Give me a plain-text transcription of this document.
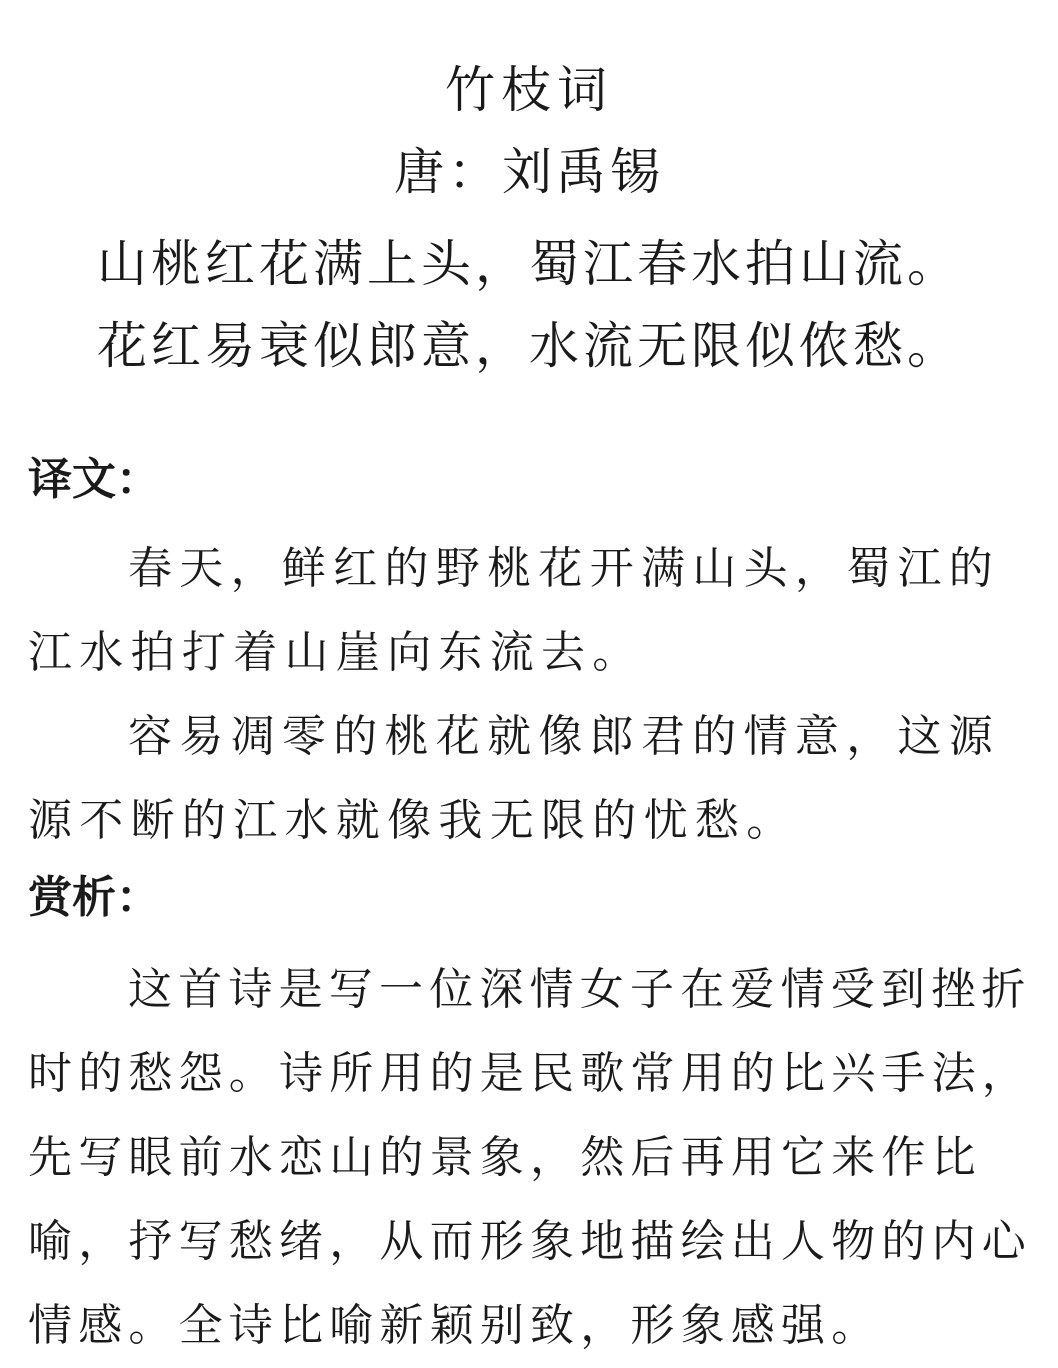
竹枝词
唐：刘禹锡
山桃红花满上头，蜀江春水拍山流。
花红易衰似郎意，水流无限似侬愁。
译文：

春天，鲜红的野桃花开满山头，蜀江的江水拍打着山崖向东流去。

容易凋零的桃花就像郎君的情意，这源源不断的江水就像我无限的忧愁。

赏析：

这首诗是写一位深情女子在爱情受到挫折时的愁怨。诗所用的是民歌常用的比兴手法，先写眼前水恋山的景象，然后再用它来作比喻，抒写愁绪，从而形象地描绘出人物的内心情感。全诗比喻新颖别致，形象感强。
